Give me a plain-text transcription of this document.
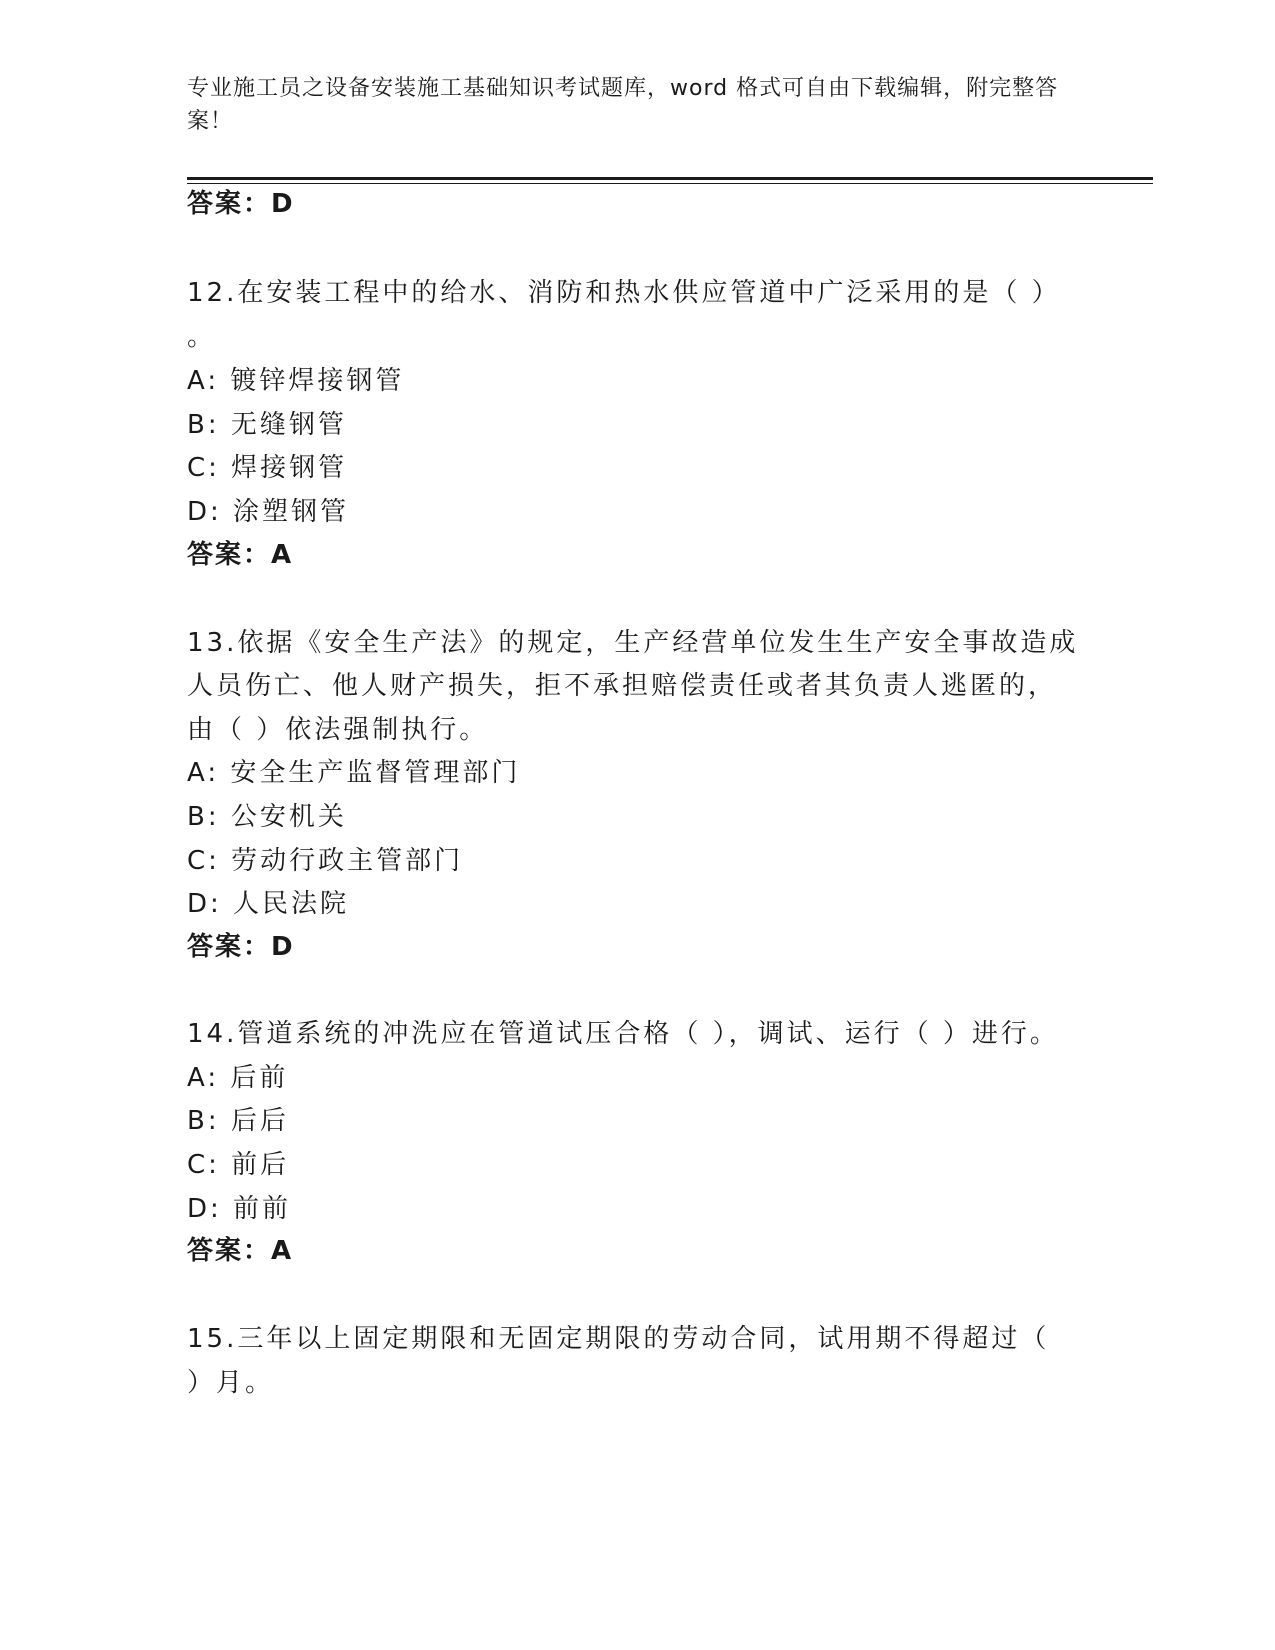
专业施工员之设备安装施工基础知识考试题库，word 格式可自由下载编辑，附完整答案！
答案：D
12.在安装工程中的给水、消防和热水供应管道中广泛采用的是（ ）
。
A: 镀锌焊接钢管
B: 无缝钢管
C: 焊接钢管
D: 涂塑钢管
答案：A
13.依据《安全生产法》的规定，生产经营单位发生生产安全事故造成
人员伤亡、他人财产损失，拒不承担赔偿责任或者其负责人逃匿的，
由（ ）依法强制执行。
A: 安全生产监督管理部门
B: 公安机关
C: 劳动行政主管部门
D: 人民法院
答案：D
14.管道系统的冲洗应在管道试压合格（ ），调试、运行（ ）进行。
A: 后前
B: 后后
C: 前后
D: 前前
答案：A
15.三年以上固定期限和无固定期限的劳动合同，试用期不得超过（
）月。
